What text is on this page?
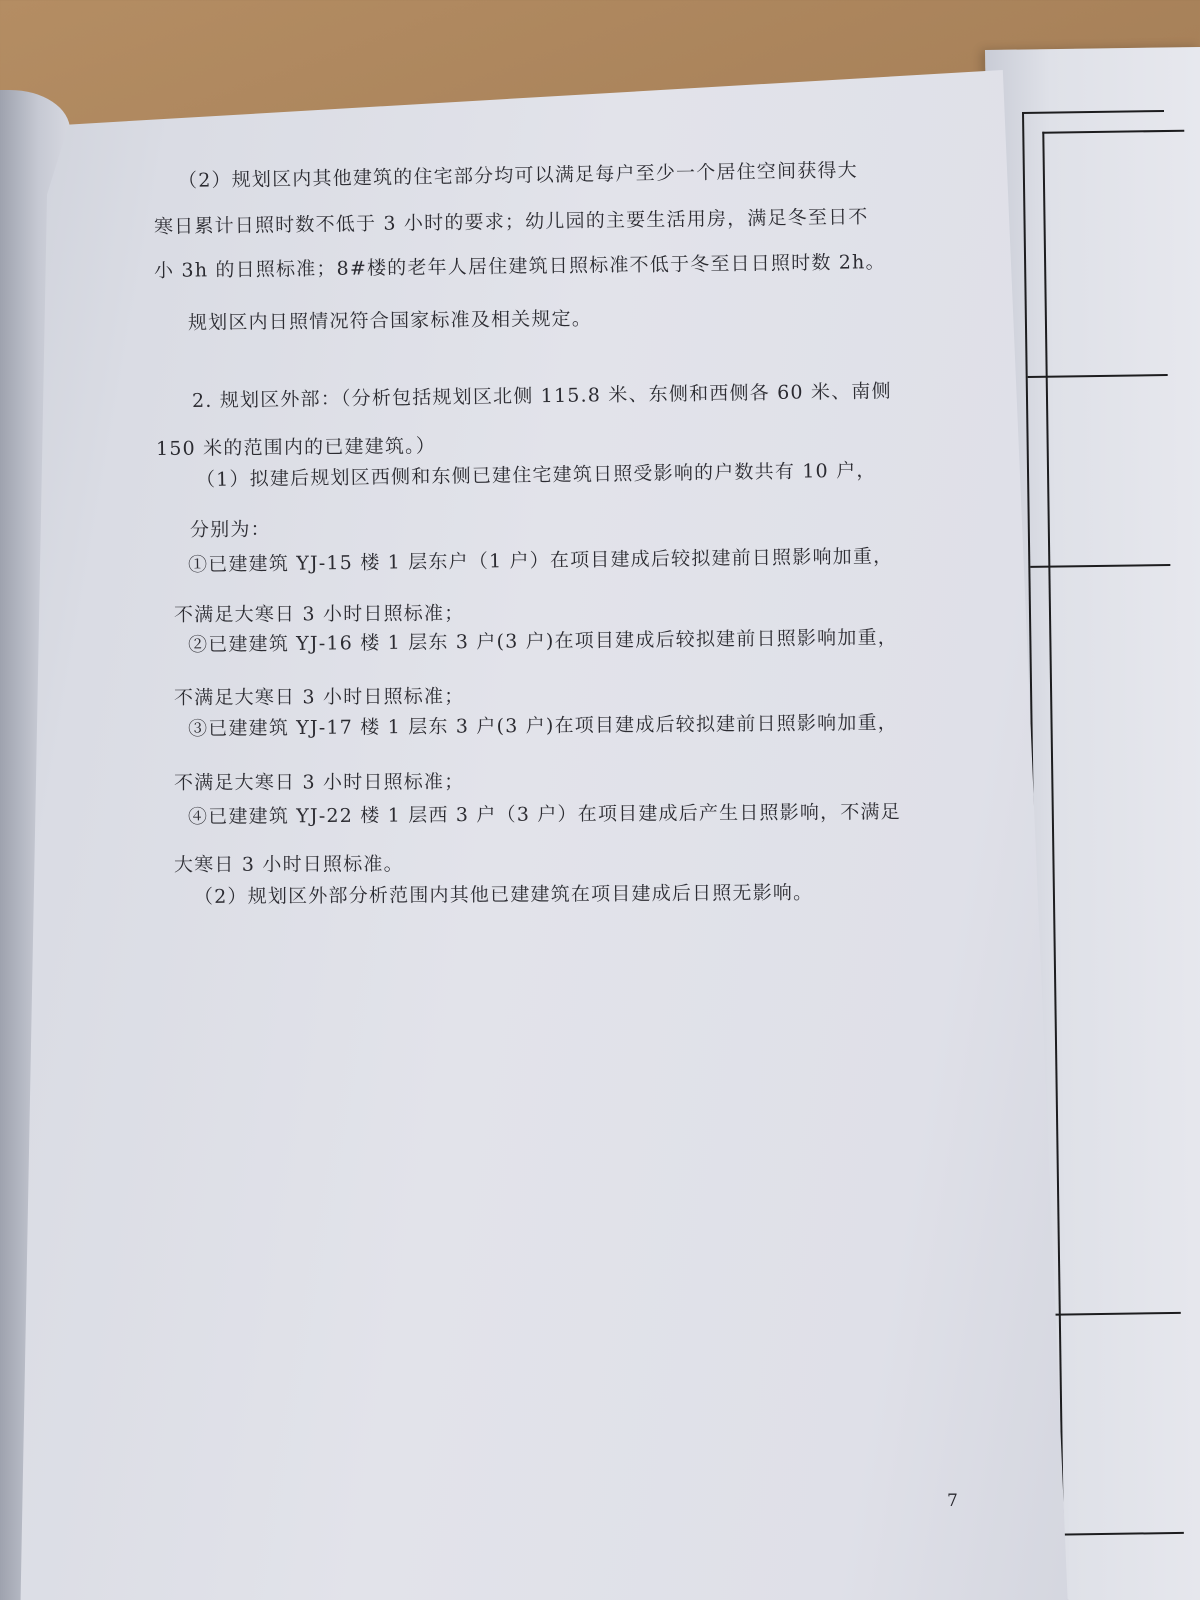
（2）规划区内其他建筑的住宅部分均可以满足每户至少一个居住空间获得大
寒日累计日照时数不低于 3 小时的要求；幼儿园的主要生活用房，满足冬至日不
小 3h 的日照标准；8#楼的老年人居住建筑日照标准不低于冬至日日照时数 2h。
规划区内日照情况符合国家标准及相关规定。
2. 规划区外部：（分析包括规划区北侧 115.8 米、东侧和西侧各 60 米、南侧
150 米的范围内的已建建筑。）
（1）拟建后规划区西侧和东侧已建住宅建筑日照受影响的户数共有 10 户，
分别为：
①已建建筑 YJ-15 楼 1 层东户（1 户）在项目建成后较拟建前日照影响加重，
不满足大寒日 3 小时日照标准；
②已建建筑 YJ-16 楼 1 层东 3 户(3 户)在项目建成后较拟建前日照影响加重，
不满足大寒日 3 小时日照标准；
③已建建筑 YJ-17 楼 1 层东 3 户(3 户)在项目建成后较拟建前日照影响加重，
不满足大寒日 3 小时日照标准；
④已建建筑 YJ-22 楼 1 层西 3 户（3 户）在项目建成后产生日照影响，不满足
大寒日 3 小时日照标准。
（2）规划区外部分析范围内其他已建建筑在项目建成后日照无影响。
7
